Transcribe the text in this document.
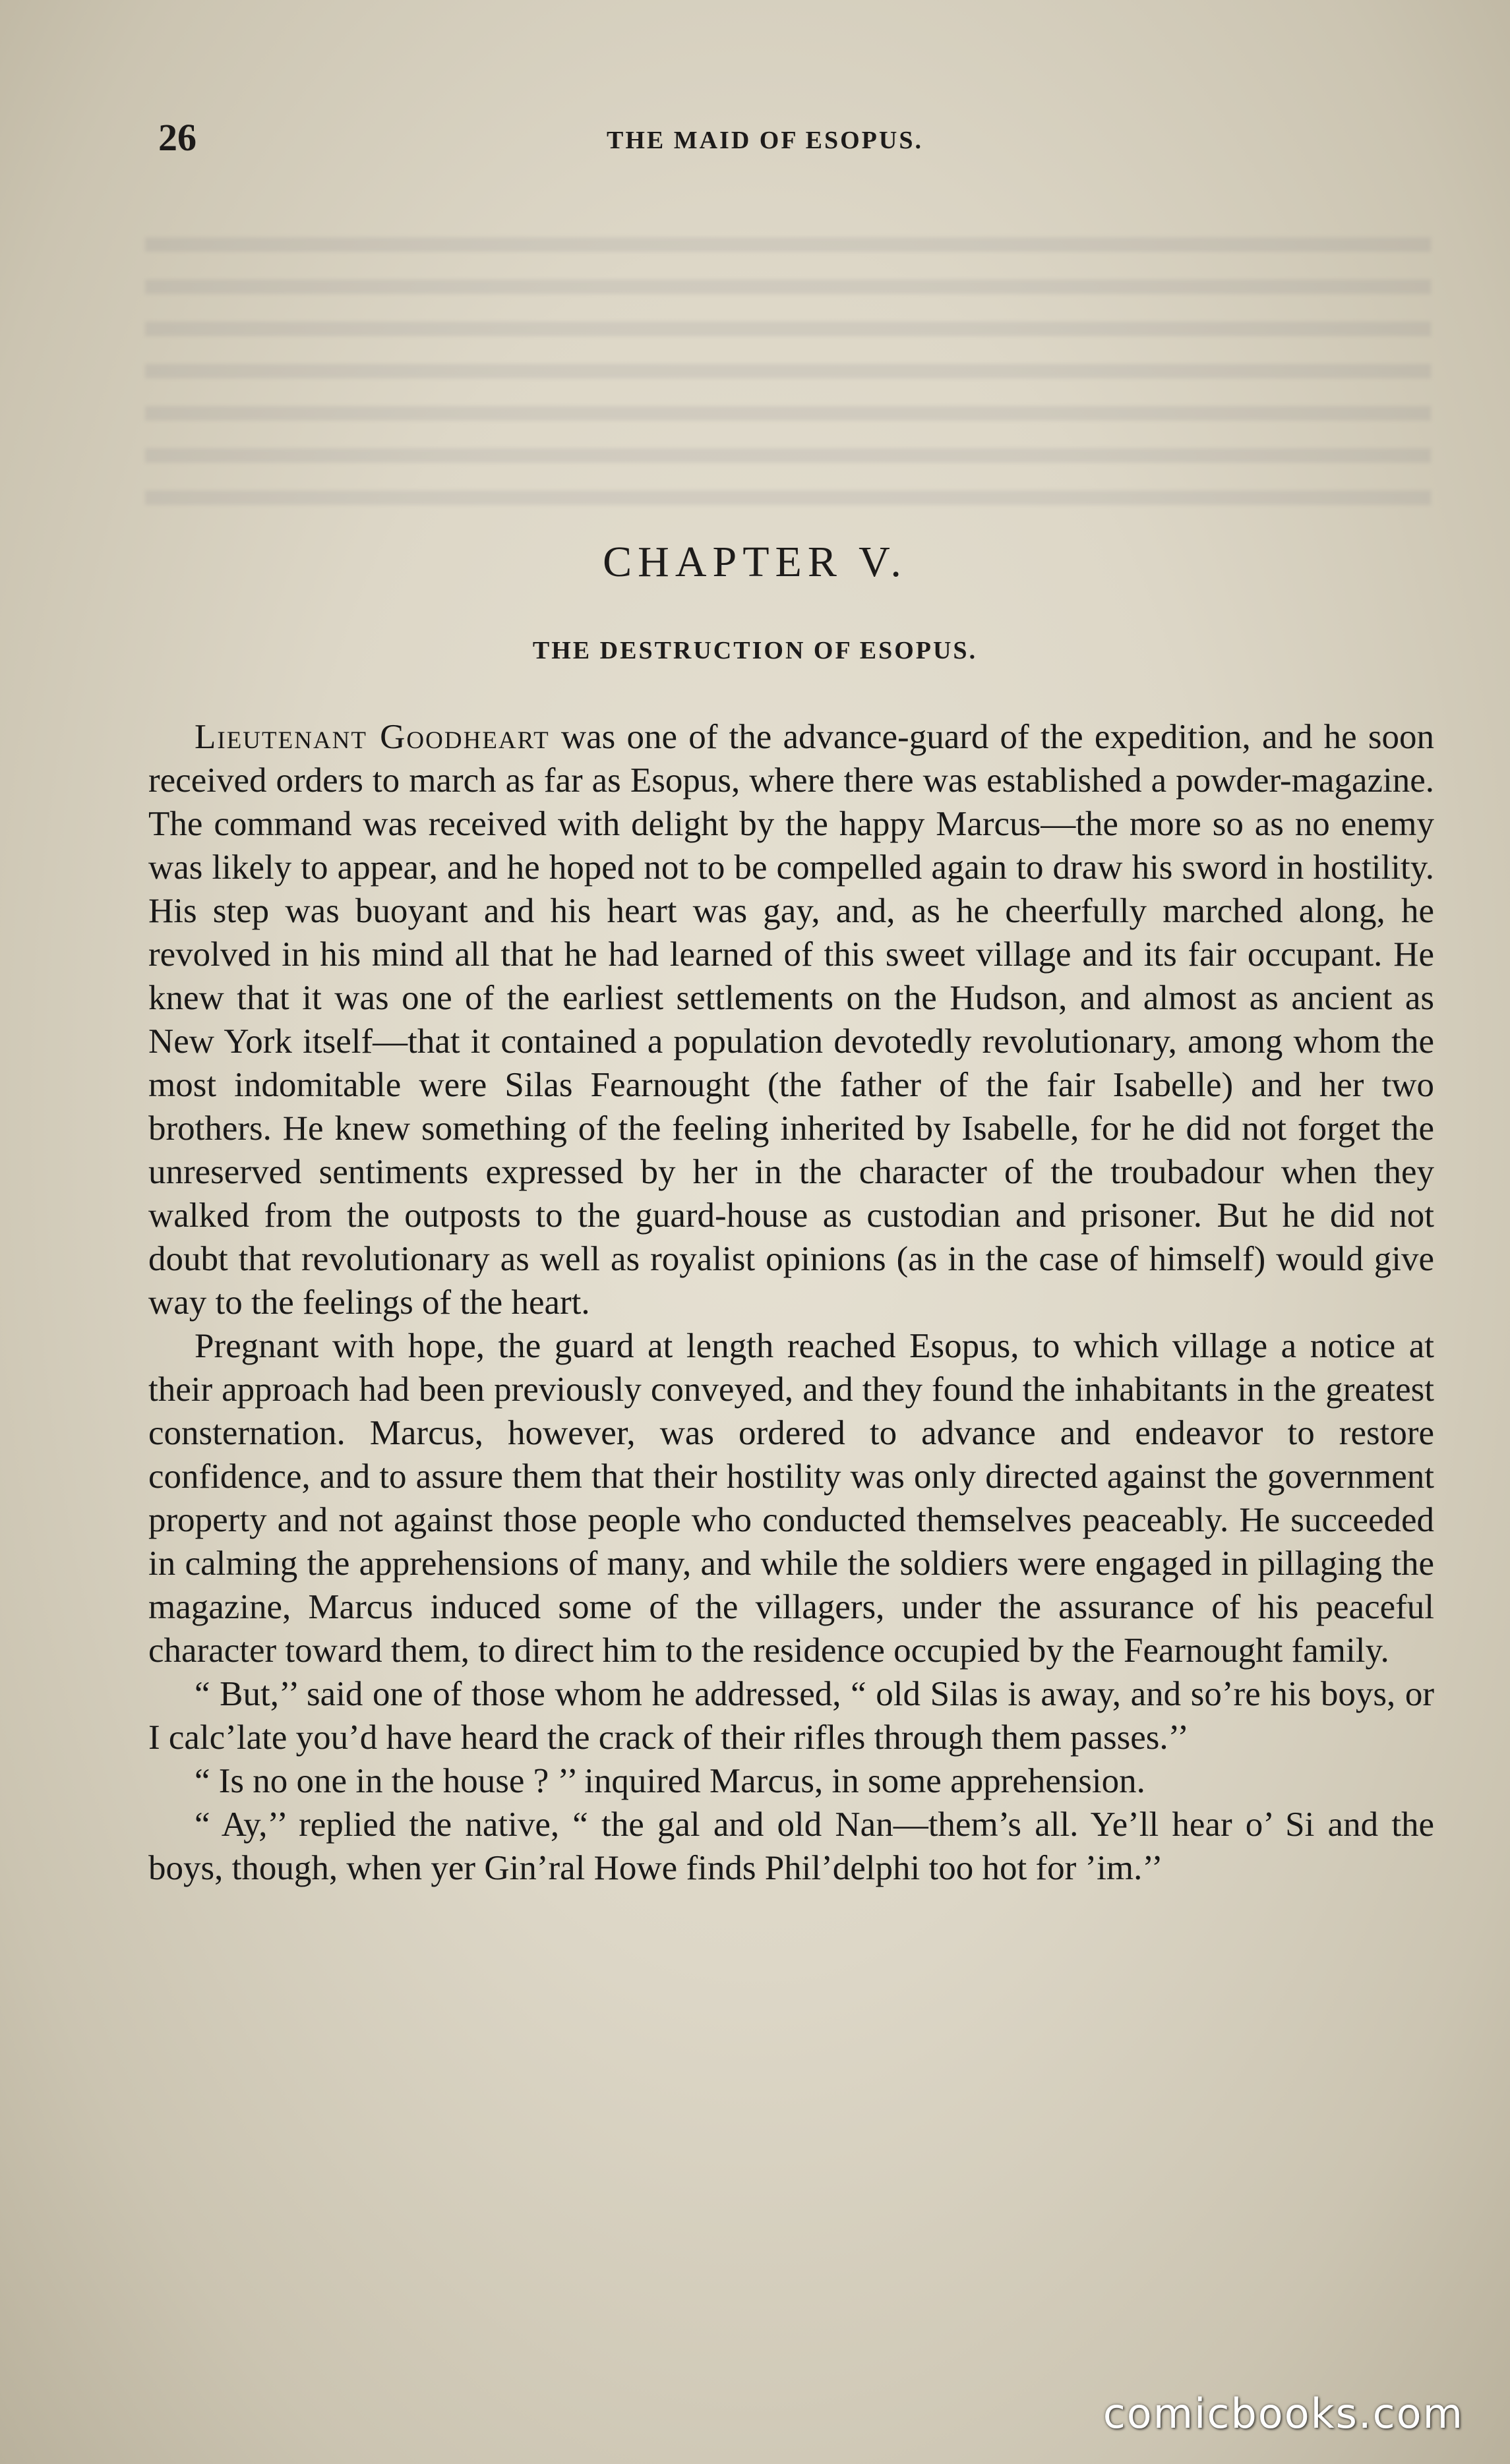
26	THE MAID OF ESOPUS.
CHAPTER V.
THE DESTRUCTION OF ESOPUS.

Lieutenant Goodheart was one of the advance-guard of the expedition, and he soon received orders to march as far as Esopus, where there was established a powder-magazine. The command was received with delight by the happy Marcus—the more so as no enemy was likely to appear, and he hoped not to be compelled again to draw his sword in hostility. His step was buoyant and his heart was gay, and, as he cheerfully marched along, he revolved in his mind all that he had learned of this sweet village and its fair occupant. He knew that it was one of the earliest settlements on the Hudson, and almost as ancient as New York itself—that it contained a population devotedly revolutionary, among whom the most indomitable were Silas Fearnought (the father of the fair Isabelle) and her two brothers. He knew something of the feeling inherited by Isabelle, for he did not forget the unreserved sentiments expressed by her in the character of the troubadour when they walked from the outposts to the guard-house as custodian and prisoner. But he did not doubt that revolutionary as well as royalist opinions (as in the case of himself) would give way to the feelings of the heart.

Pregnant with hope, the guard at length reached Esopus, to which village a notice at their approach had been previously conveyed, and they found the inhabitants in the greatest consternation. Marcus, however, was ordered to advance and endeavor to restore confidence, and to assure them that their hostility was only directed against the government property and not against those people who conducted themselves peaceably. He succeeded in calming the apprehensions of many, and while the soldiers were engaged in pillaging the magazine, Marcus induced some of the villagers, under the assurance of his peaceful character toward them, to direct him to the residence occupied by the Fearnought family.

“ But,’’ said one of those whom he addressed, “ old Silas is away, and so’re his boys, or I calc’late you’d have heard the crack of their rifles through them passes.’’

“ Is no one in the house ? ’’ inquired Marcus, in some apprehension.

“ Ay,’’ replied the native, “ the gal and old Nan—them’s all. Ye’ll hear o’ Si and the boys, though, when yer Gin’ral Howe finds Phil’delphi too hot for ’im.’’

comicbooks.com
